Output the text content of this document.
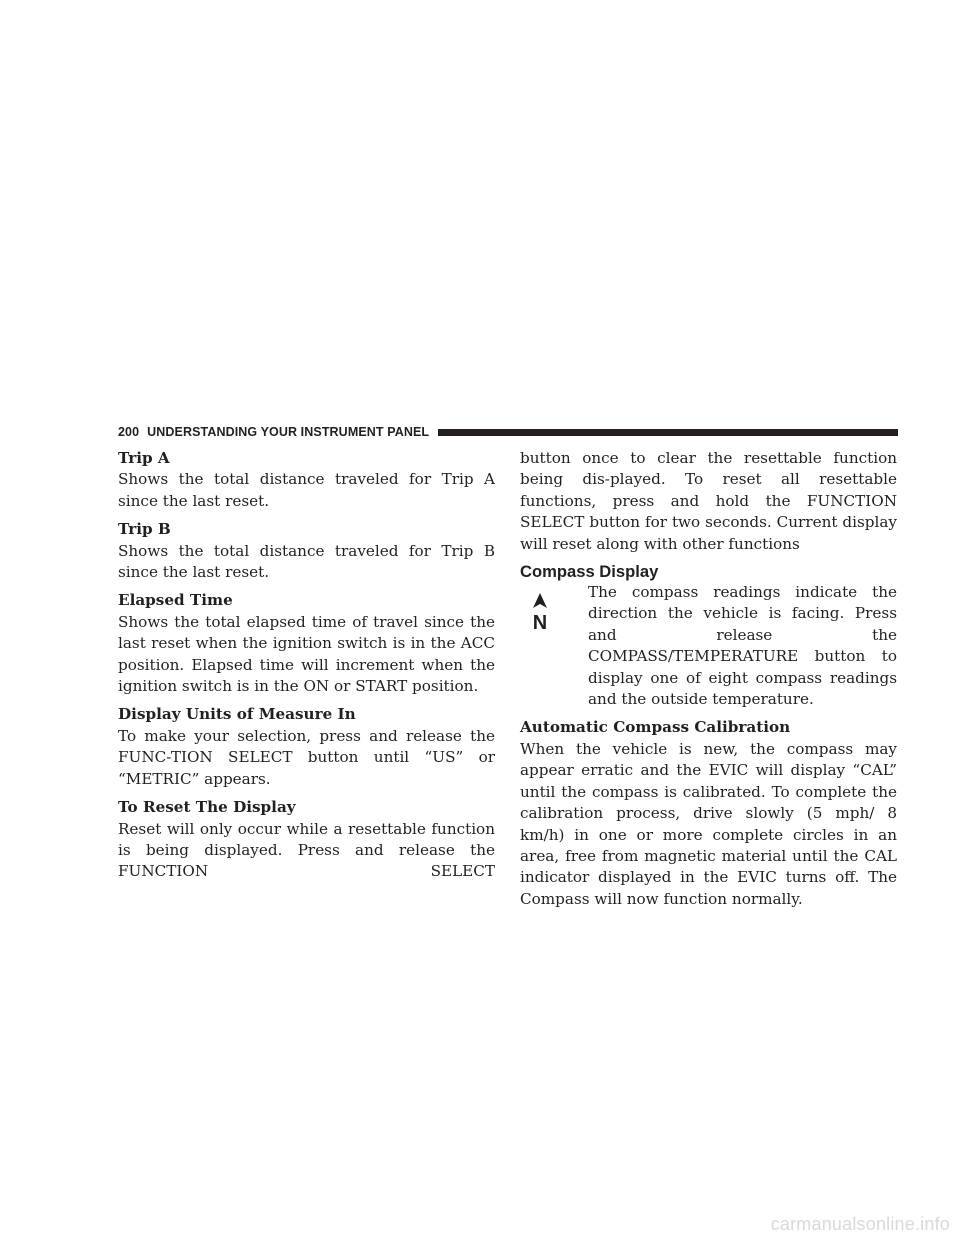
200 UNDERSTANDING YOUR INSTRUMENT PANEL

Trip A

Shows the total distance traveled for Trip A since the last reset.

Trip B

Shows the total distance traveled for Trip B since the last reset.

Elapsed Time

Shows the total elapsed time of travel since the last reset when the ignition switch is in the ACC position. Elapsed time will increment when the ignition switch is in the ON or START position.

Display Units of Measure In

To make your selection, press and release the FUNC-TION SELECT button until “US” or “METRIC” appears.

To Reset The Display

Reset will only occur while a resettable function is being displayed. Press and release the FUNCTION SELECT

button once to clear the resettable function being dis-played. To reset all resettable functions, press and hold the FUNCTION SELECT button for two seconds. Current display will reset along with other functions

Compass Display

N
The compass readings indicate the direction the vehicle is facing. Press and release the COMPASS/TEMPERATURE button to display one of eight compass readings and the outside temperature.

Automatic Compass Calibration

When the vehicle is new, the compass may appear erratic and the EVIC will display “CAL” until the compass is calibrated. To complete the calibration process, drive slowly (5 mph/ 8 km/h) in one or more complete circles in an area, free from magnetic material until the CAL indicator displayed in the EVIC turns off. The Compass will now function normally.

carmanualsonline.info
